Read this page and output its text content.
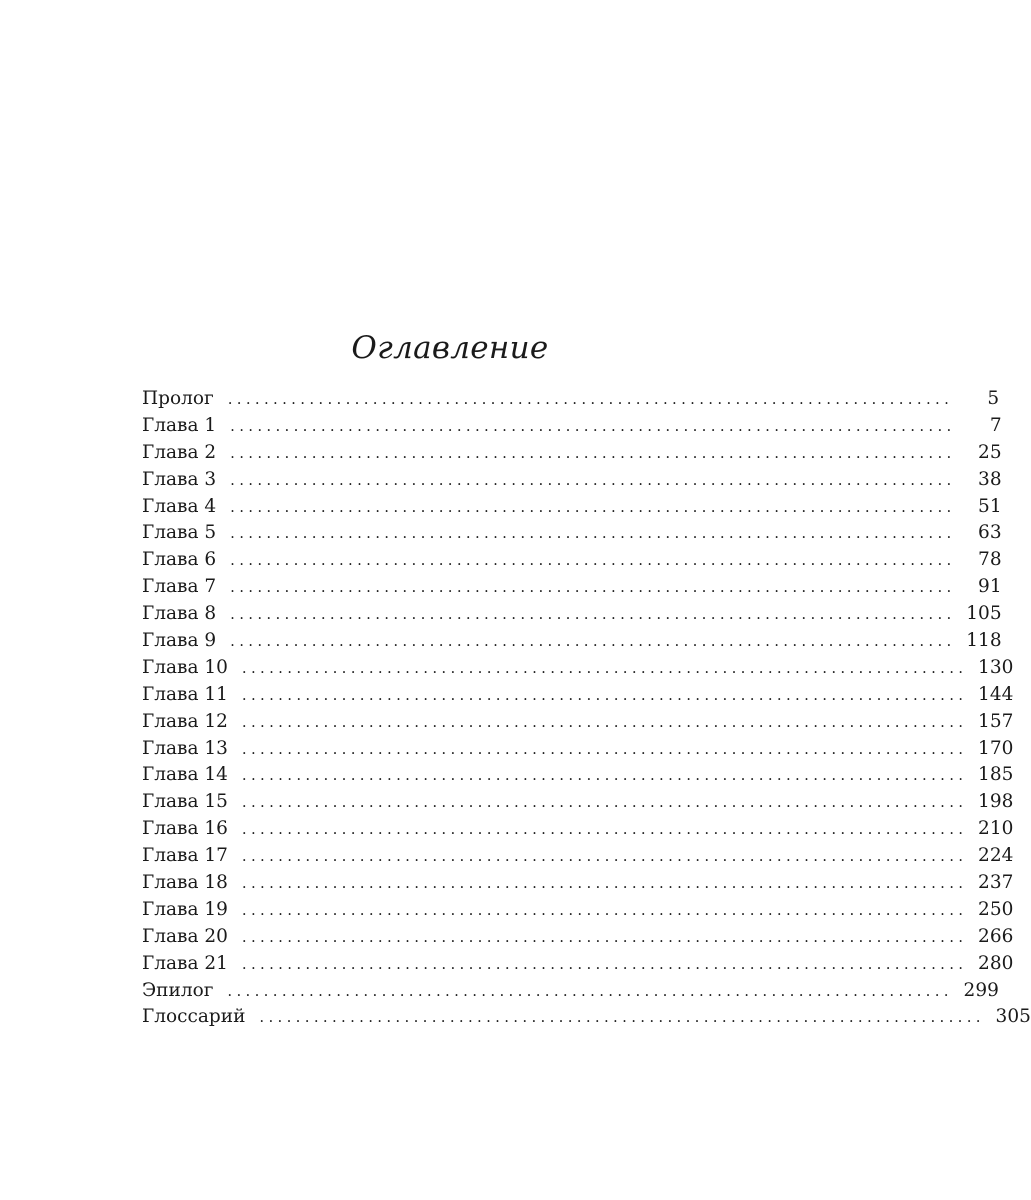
Оглавление
Пролог ................................................................................	5
Глава 1 ................................................................................	7
Глава 2 ................................................................................	25
Глава 3 ................................................................................	38
Глава 4 ................................................................................	51
Глава 5 ................................................................................	63
Глава 6 ................................................................................	78
Глава 7 ................................................................................	91
Глава 8 ................................................................................ 105
Глава 9 ................................................................................ 118
Глава 10 ................................................................................ 130
Глава 11 ................................................................................ 144
Глава 12 ................................................................................ 157
Глава 13 ................................................................................ 170
Глава 14 ................................................................................ 185
Глава 15 ................................................................................ 198
Глава 16 ................................................................................ 210
Глава 17 ................................................................................ 224
Глава 18 ................................................................................ 237
Глава 19 ................................................................................ 250
Глава 20 ................................................................................ 266
Глава 21 ................................................................................ 280
Эпилог ................................................................................ 299
Глоссарий ................................................................................ 305
